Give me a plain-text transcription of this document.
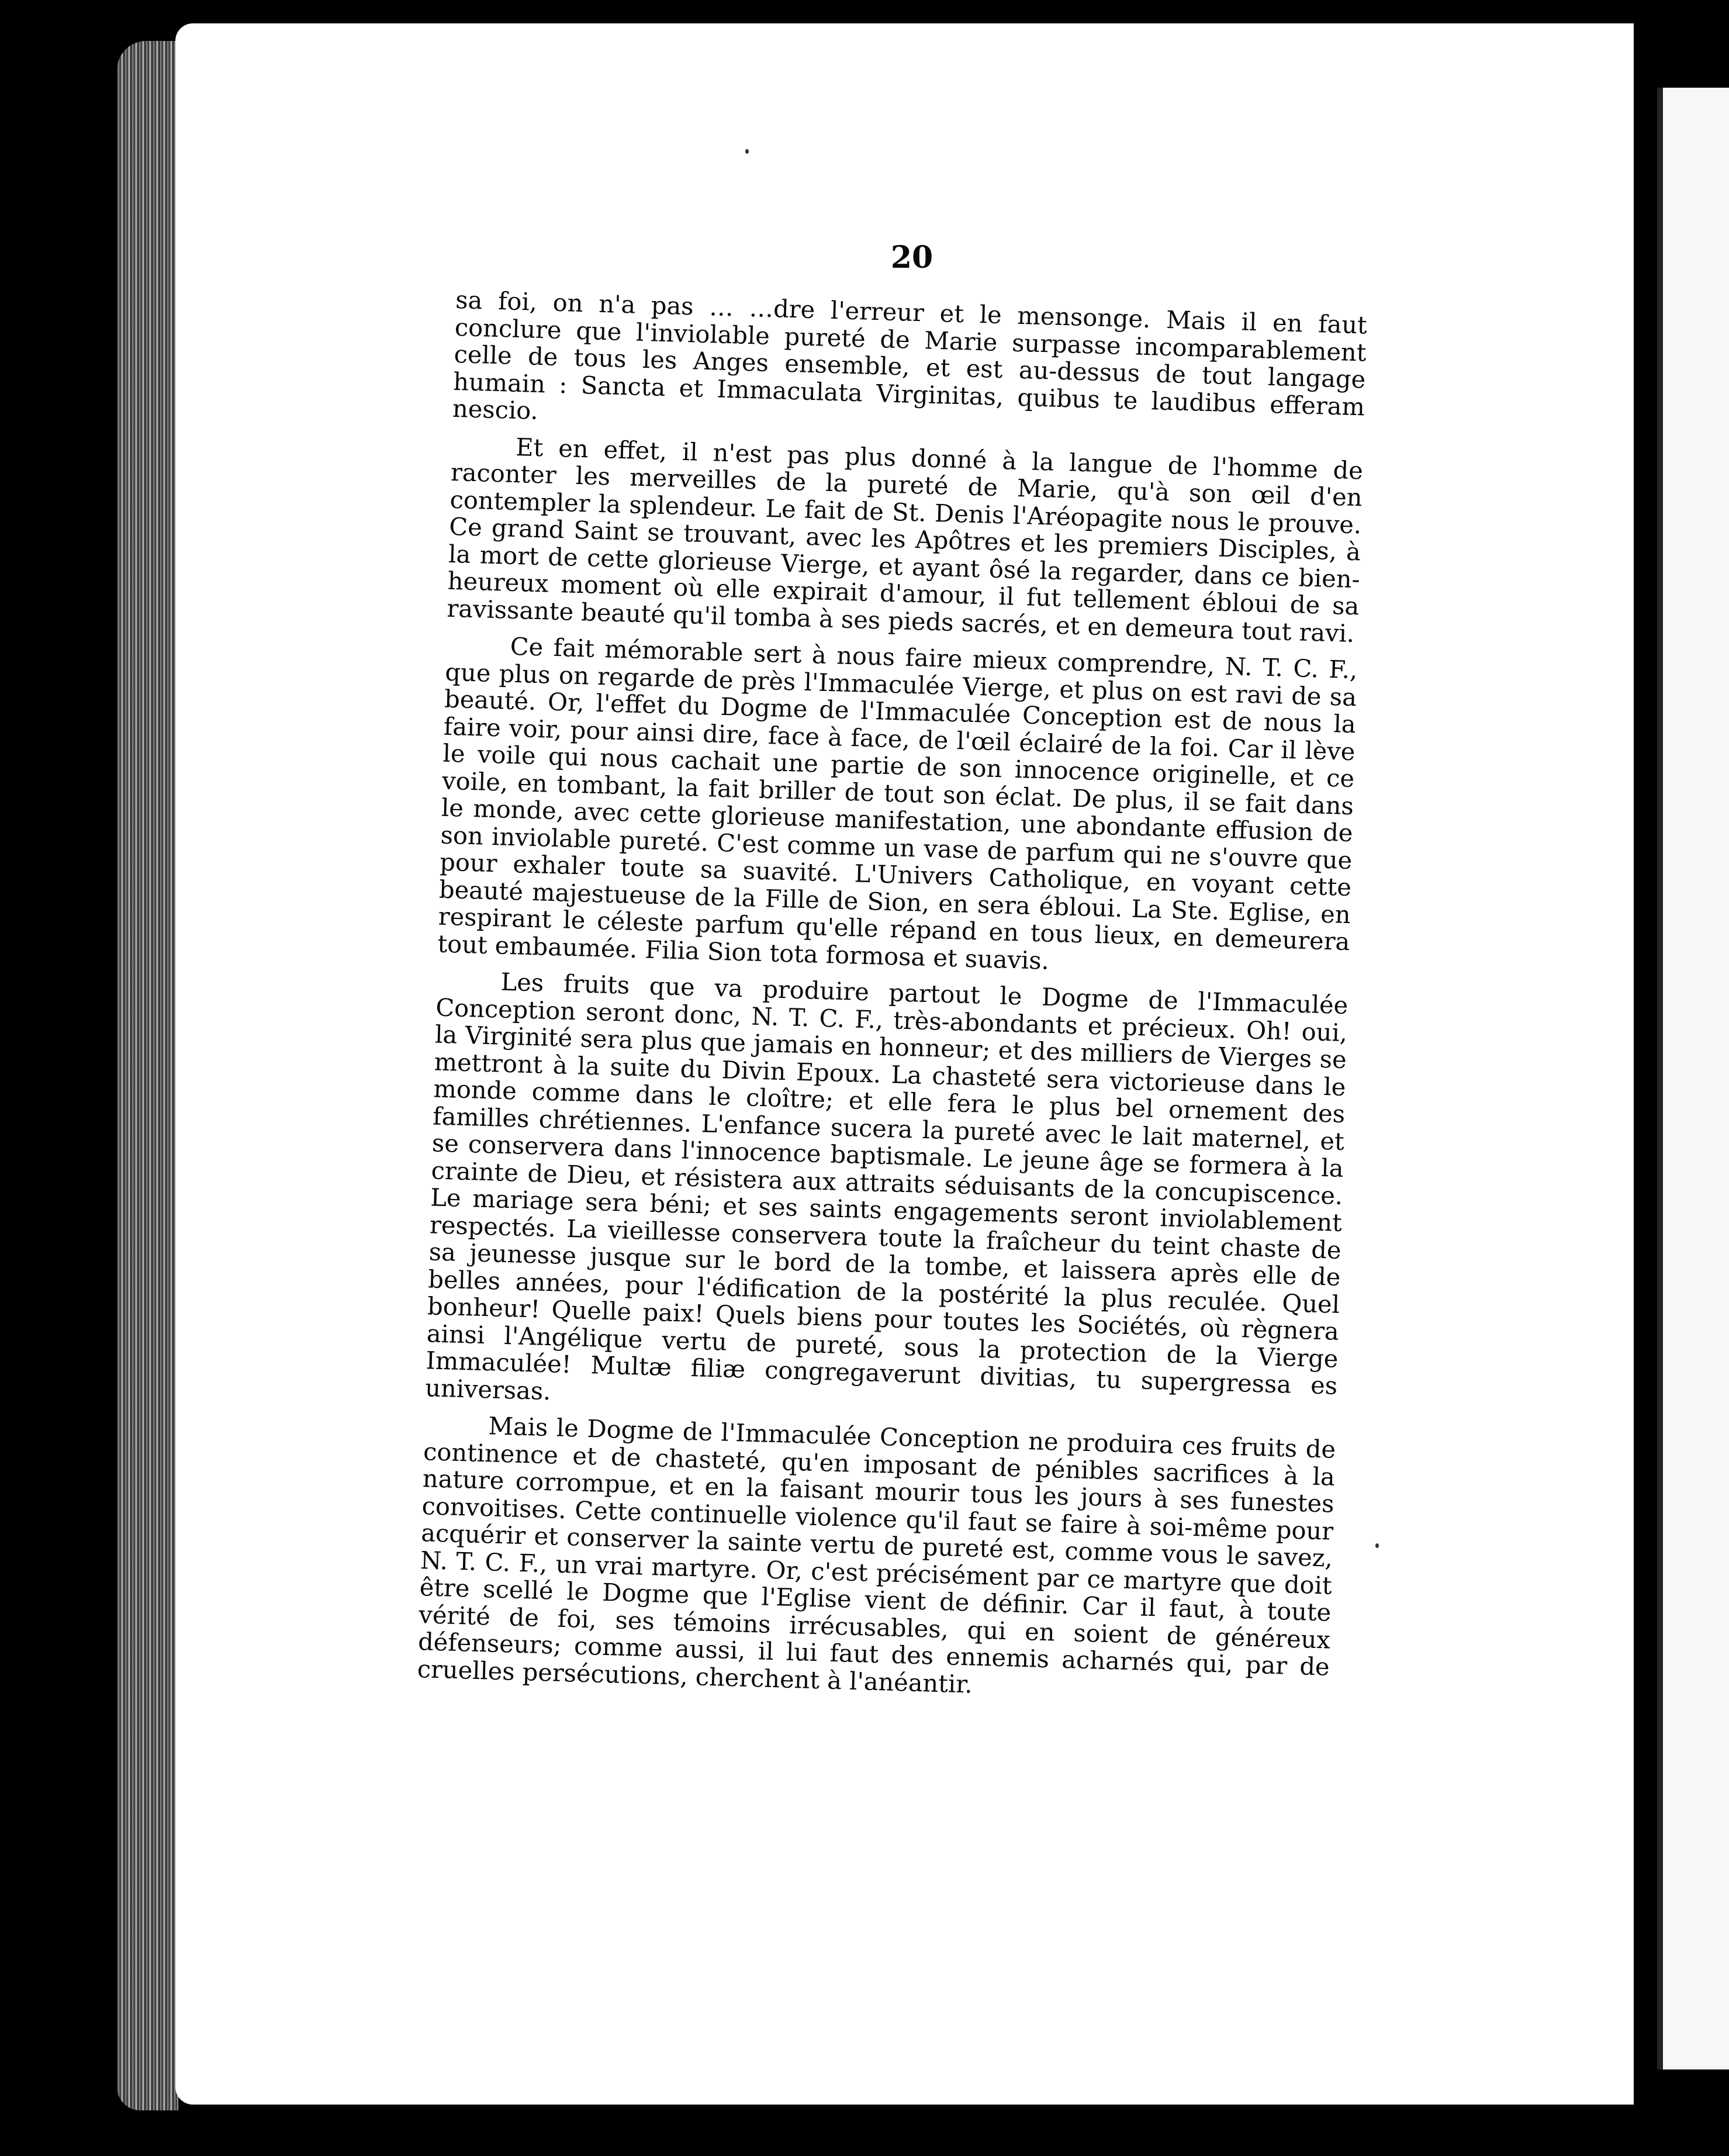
20

sa foi, on n'a pas … …dre l'erreur et le mensonge. Mais il en faut conclure que l'inviolable pureté de Marie surpasse incomparablement celle de tous les Anges ensemble, et est au-dessus de tout langage humain : Sancta et Immaculata Virginitas, quibus te laudibus efferam nescio.

Et en effet, il n'est pas plus donné à la langue de l'homme de raconter les merveilles de la pureté de Marie, qu'à son œil d'en contempler la splendeur. Le fait de St. Denis l'Aréopagite nous le prouve. Ce grand Saint se trouvant, avec les Apôtres et les premiers Disciples, à la mort de cette glorieuse Vierge, et ayant ôsé la regarder, dans ce bien-heureux moment où elle expirait d'amour, il fut tellement ébloui de sa ravissante beauté qu'il tomba à ses pieds sacrés, et en demeura tout ravi.

Ce fait mémorable sert à nous faire mieux comprendre, N. T. C. F., que plus on regarde de près l'Immaculée Vierge, et plus on est ravi de sa beauté. Or, l'effet du Dogme de l'Immaculée Conception est de nous la faire voir, pour ainsi dire, face à face, de l'œil éclairé de la foi. Car il lève le voile qui nous cachait une partie de son innocence originelle, et ce voile, en tombant, la fait briller de tout son éclat. De plus, il se fait dans le monde, avec cette glorieuse manifestation, une abondante effusion de son inviolable pureté. C'est comme un vase de parfum qui ne s'ouvre que pour exhaler toute sa suavité. L'Univers Catholique, en voyant cette beauté majestueuse de la Fille de Sion, en sera ébloui. La Ste. Eglise, en respirant le céleste parfum qu'elle répand en tous lieux, en demeurera tout embaumée. Filia Sion tota formosa et suavis.

Les fruits que va produire partout le Dogme de l'Immaculée Conception seront donc, N. T. C. F., très-abondants et précieux. Oh! oui, la Virginité sera plus que jamais en honneur; et des milliers de Vierges se mettront à la suite du Divin Epoux. La chasteté sera victorieuse dans le monde comme dans le cloître; et elle fera le plus bel ornement des familles chrétiennes. L'enfance sucera la pureté avec le lait maternel, et se conservera dans l'innocence baptismale. Le jeune âge se formera à la crainte de Dieu, et résistera aux attraits séduisants de la concupiscence. Le mariage sera béni; et ses saints engagements seront inviolablement respectés. La vieillesse conservera toute la fraîcheur du teint chaste de sa jeunesse jusque sur le bord de la tombe, et laissera après elle de belles années, pour l'édification de la postérité la plus reculée. Quel bonheur! Quelle paix! Quels biens pour toutes les Sociétés, où règnera ainsi l'Angélique vertu de pureté, sous la protection de la Vierge Immaculée! Multæ filiæ congregaverunt divitias, tu supergressa es universas.

Mais le Dogme de l'Immaculée Conception ne produira ces fruits de continence et de chasteté, qu'en imposant de pénibles sacrifices à la nature corrompue, et en la faisant mourir tous les jours à ses funestes convoitises. Cette continuelle violence qu'il faut se faire à soi-même pour acquérir et conserver la sainte vertu de pureté est, comme vous le savez, N. T. C. F., un vrai martyre. Or, c'est précisément par ce martyre que doit être scellé le Dogme que l'Eglise vient de définir. Car il faut, à toute vérité de foi, ses témoins irrécusables, qui en soient de généreux défenseurs; comme aussi, il lui faut des ennemis acharnés qui, par de cruelles persécutions, cherchent à l'anéantir.
